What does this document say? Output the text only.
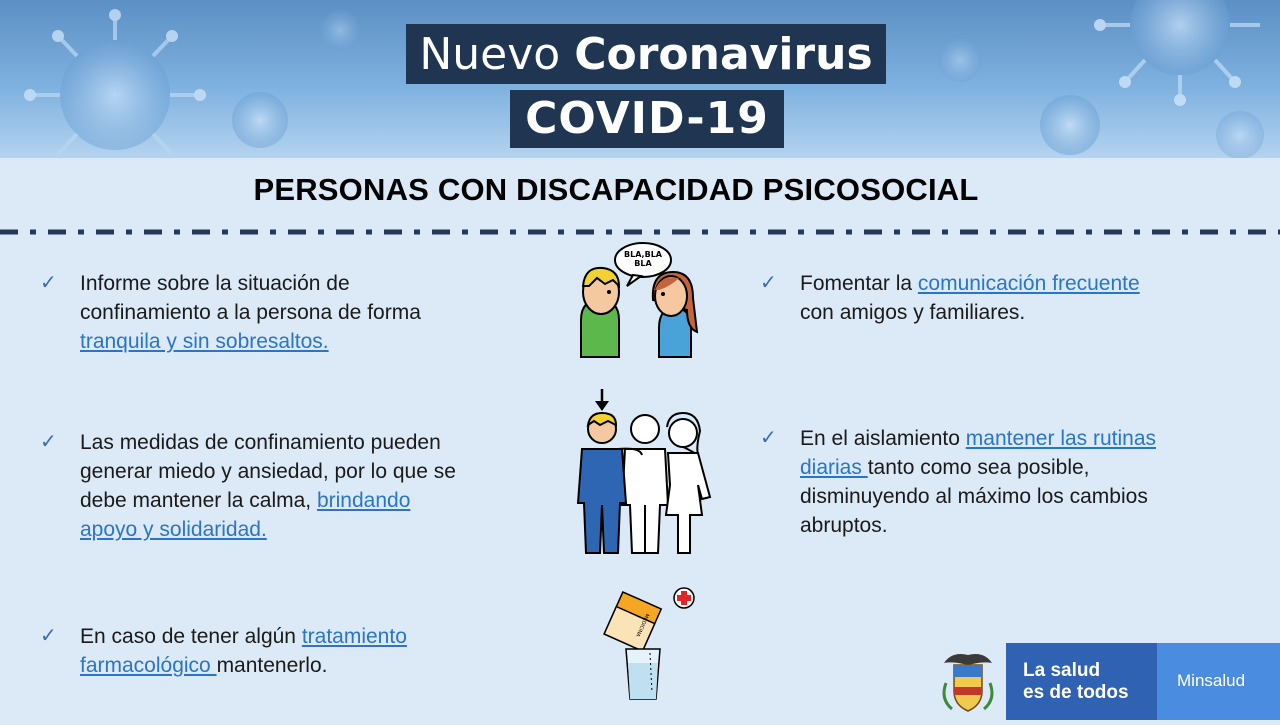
Nuevo Coronavirus
COVID-19
PERSONAS CON DISCAPACIDAD PSICOSOCIAL
✓ Informe sobre la situación de
confinamiento a la persona de forma
tranquila y sin sobresaltos.
✓ Las medidas de confinamiento pueden
generar miedo y ansiedad, por lo que se
debe mantener la calma, brindando
apoyo y solidaridad.
✓ En caso de tener algún tratamiento
farmacológico mantenerlo.
✓ Fomentar la comunicación frecuente
con amigos y familiares.
✓ En el aislamiento mantener las rutinas
diarias tanto como sea posible,
disminuyendo al máximo los cambios
abruptos.
BLA,BLA BLA
MEDICINA
La salud
es de todos
Minsalud
